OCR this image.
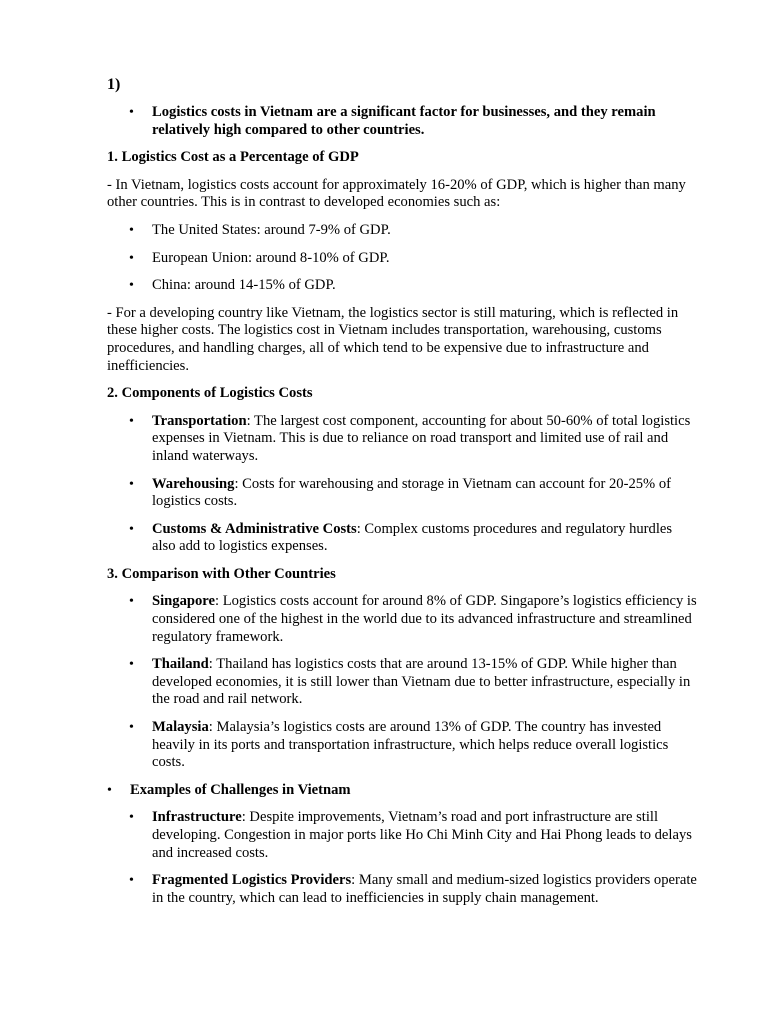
1)
• Logistics costs in Vietnam are a significant factor for businesses, and they remain relatively high compared to other countries.
1. Logistics Cost as a Percentage of GDP

- In Vietnam, logistics costs account for approximately 16-20% of GDP, which is higher than many other countries. This is in contrast to developed economies such as:

• The United States: around 7-9% of GDP.
• European Union: around 8-10% of GDP.
• China: around 14-15% of GDP.

- For a developing country like Vietnam, the logistics sector is still maturing, which is reflected in these higher costs. The logistics cost in Vietnam includes transportation, warehousing, customs procedures, and handling charges, all of which tend to be expensive due to infrastructure and inefficiencies.

2. Components of Logistics Costs
• Transportation: The largest cost component, accounting for about 50-60% of total logistics expenses in Vietnam. This is due to reliance on road transport and limited use of rail and inland waterways.
• Warehousing: Costs for warehousing and storage in Vietnam can account for 20-25% of logistics costs.
• Customs & Administrative Costs: Complex customs procedures and regulatory hurdles also add to logistics expenses.
3. Comparison with Other Countries
• Singapore: Logistics costs account for around 8% of GDP. Singapore’s logistics efficiency is considered one of the highest in the world due to its advanced infrastructure and streamlined regulatory framework.
• Thailand: Thailand has logistics costs that are around 13-15% of GDP. While higher than developed economies, it is still lower than Vietnam due to better infrastructure, especially in the road and rail network.
• Malaysia: Malaysia’s logistics costs are around 13% of GDP. The country has invested heavily in its ports and transportation infrastructure, which helps reduce overall logistics costs.
• Examples of Challenges in Vietnam
• Infrastructure: Despite improvements, Vietnam’s road and port infrastructure are still developing. Congestion in major ports like Ho Chi Minh City and Hai Phong leads to delays and increased costs.
• Fragmented Logistics Providers: Many small and medium-sized logistics providers operate in the country, which can lead to inefficiencies in supply chain management.
